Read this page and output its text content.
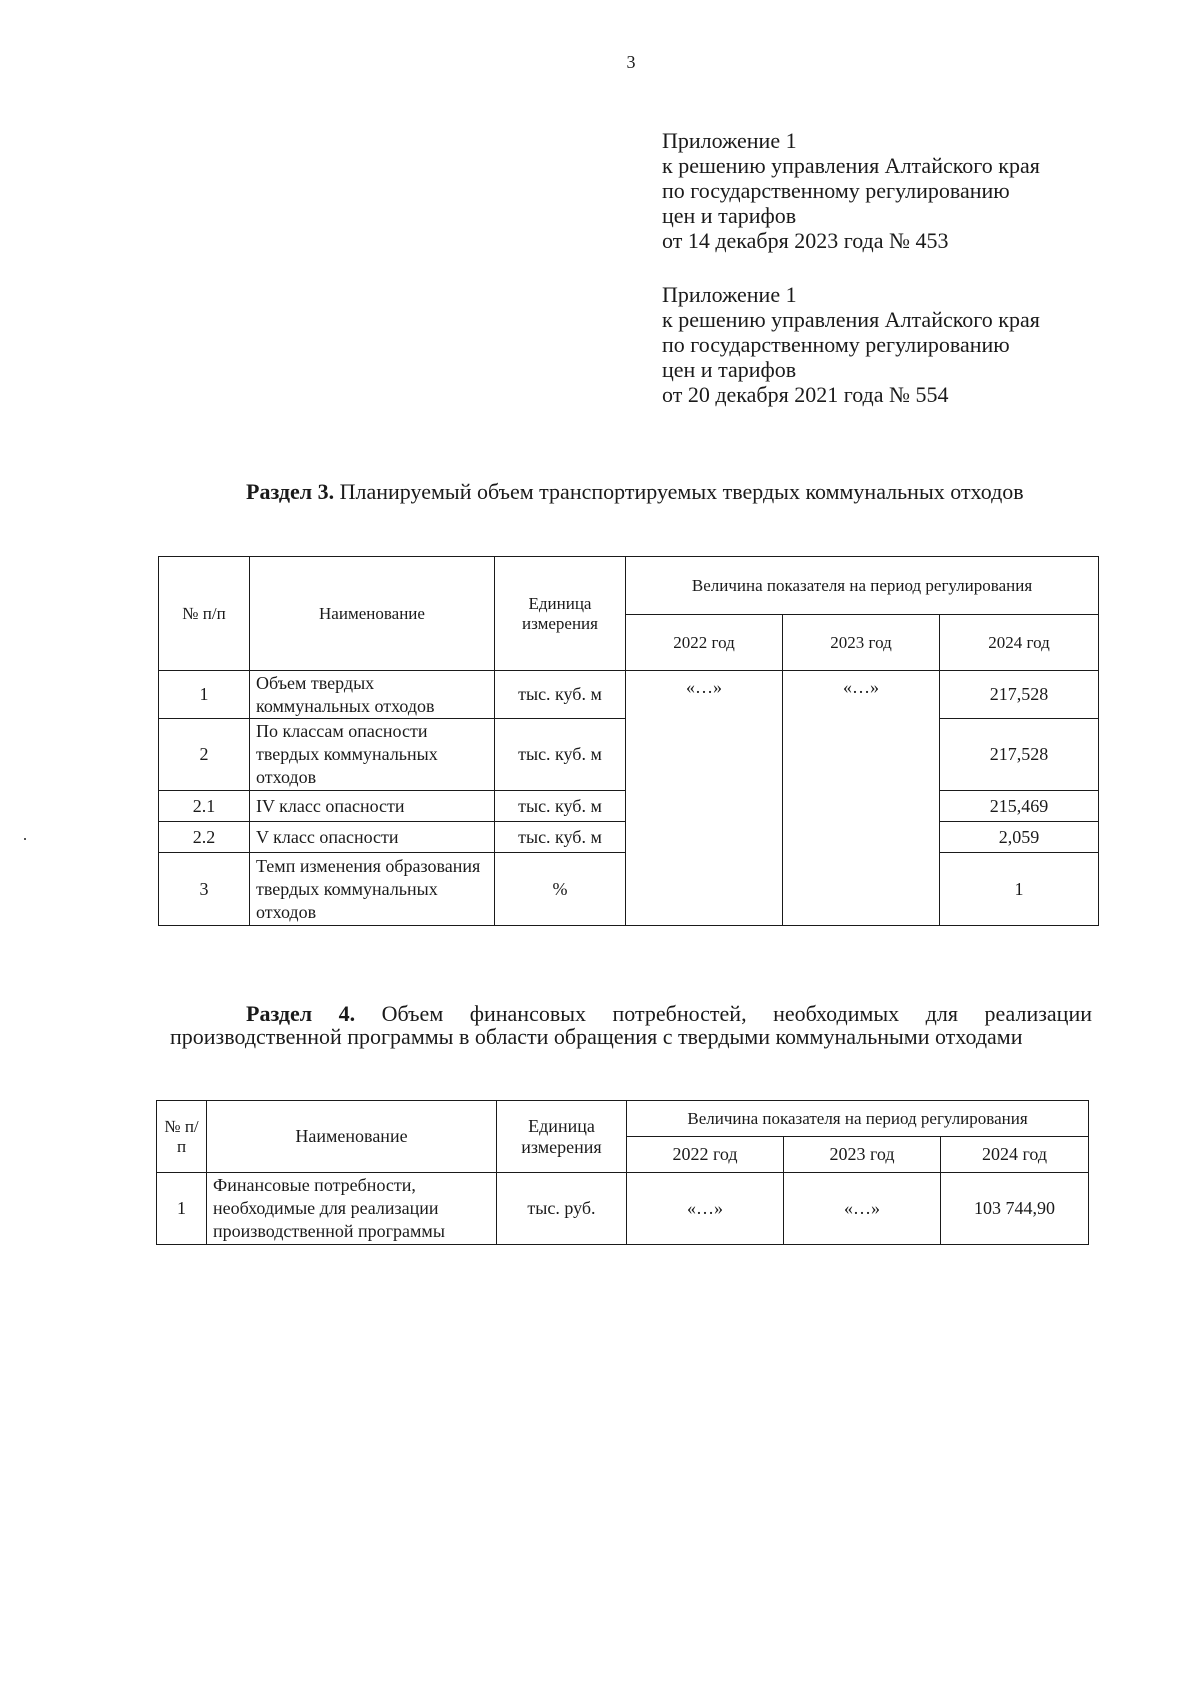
3
Приложение 1
к решению управления Алтайского края
по государственному регулированию
цен и тарифов
от 14 декабря 2023 года № 453
Приложение 1
к решению управления Алтайского края
по государственному регулированию
цен и тарифов
от 20 декабря 2021 года № 554
Раздел 3. Планируемый объем транспортируемых твердых коммунальных отходов
№ п/п	Наименование	Единица измерения	Величина показателя на период регулирования		
			2022 год	2023 год	2024 год
1	Объем твердых коммунальных отходов	тыс. куб. м	«…»	«…»	217,528
2	По классам опасности твердых коммунальных отходов	тыс. куб. м			217,528
2.1	IV класс опасности	тыс. куб. м			215,469
2.2	V класс опасности	тыс. куб. м			2,059
3	Темп изменения образования твердых коммунальных отходов	%			1
Раздел 4. Объем финансовых потребностей, необходимых для реализации производственной программы в области обращения с твердыми коммунальными отходами
№ п/ п	Наименование	Единица измерения	Величина показателя на период регулирования		
			2022 год	2023 год	2024 год
1	Финансовые потребности, необходимые для реализации производственной программы	тыс. руб.	«…»	«…»	103 744,90
